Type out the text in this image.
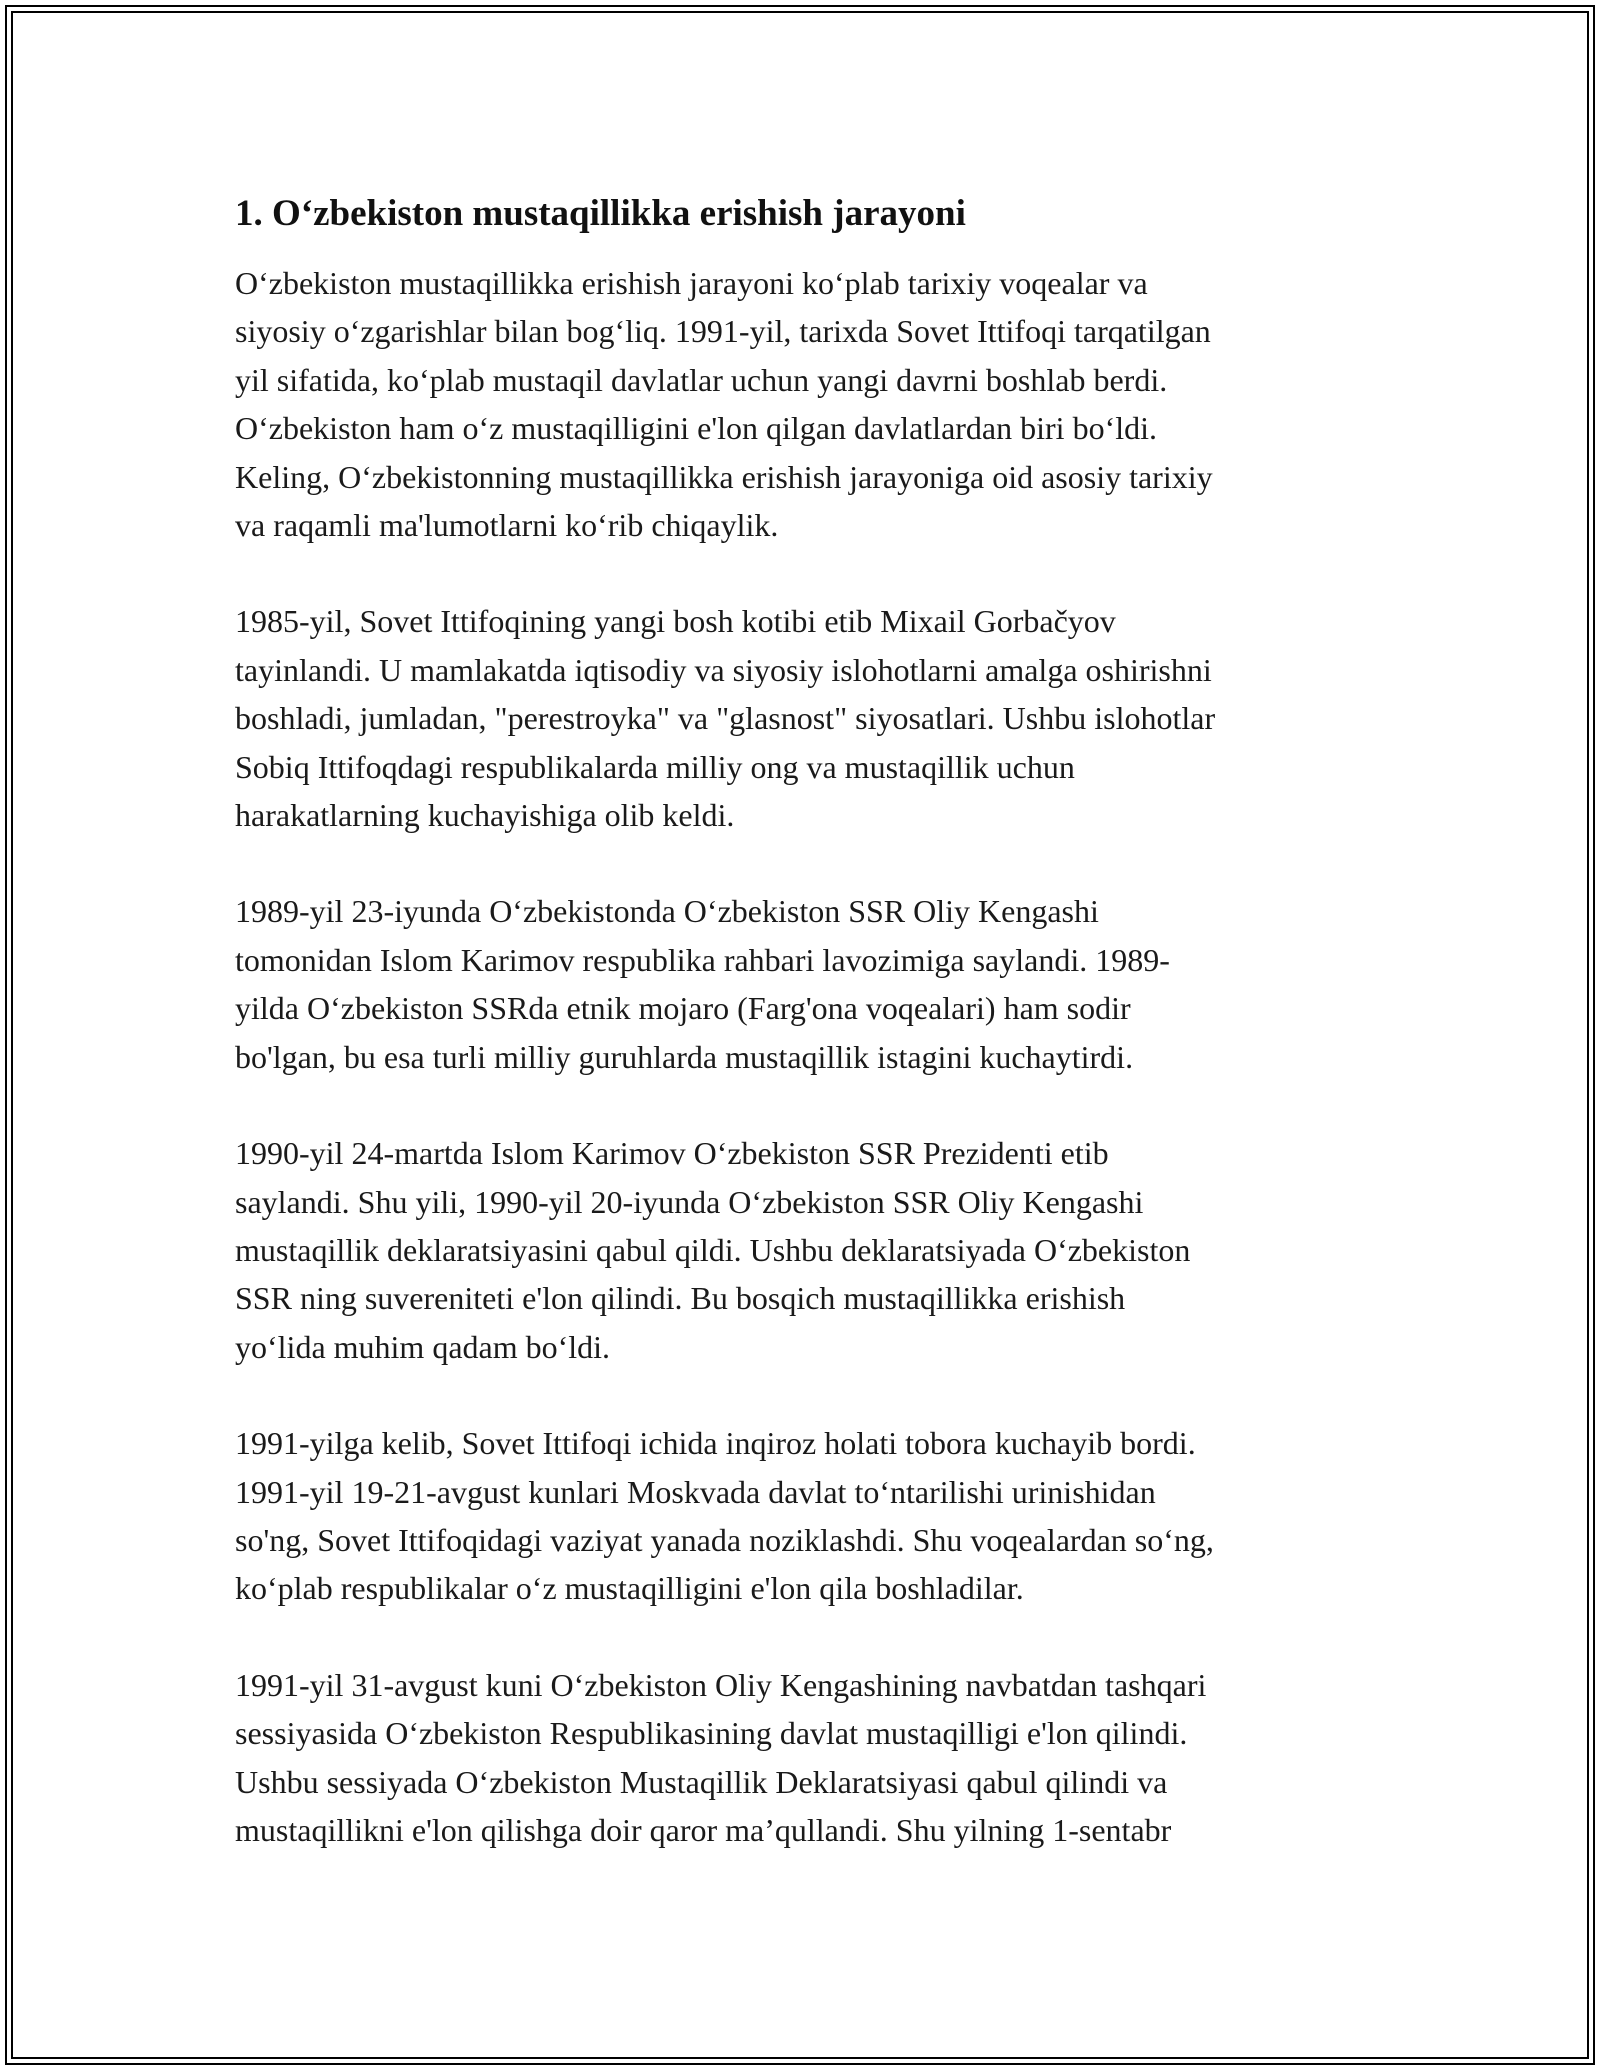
1. O‘zbekiston mustaqillikka erishish jarayoni

O‘zbekiston mustaqillikka erishish jarayoni ko‘plab tarixiy voqealar va
siyosiy o‘zgarishlar bilan bog‘liq. 1991-yil, tarixda Sovet Ittifoqi tarqatilgan
yil sifatida, ko‘plab mustaqil davlatlar uchun yangi davrni boshlab berdi.
O‘zbekiston ham o‘z mustaqilligini e'lon qilgan davlatlardan biri bo‘ldi.
Keling, O‘zbekistonning mustaqillikka erishish jarayoniga oid asosiy tarixiy
va raqamli ma'lumotlarni ko‘rib chiqaylik.

1985-yil, Sovet Ittifoqining yangi bosh kotibi etib Mixail Gorbačyov
tayinlandi. U mamlakatda iqtisodiy va siyosiy islohotlarni amalga oshirishni
boshladi, jumladan, "perestroyka" va "glasnost" siyosatlari. Ushbu islohotlar
Sobiq Ittifoqdagi respublikalarda milliy ong va mustaqillik uchun
harakatlarning kuchayishiga olib keldi.

1989-yil 23-iyunda O‘zbekistonda O‘zbekiston SSR Oliy Kengashi
tomonidan Islom Karimov respublika rahbari lavozimiga saylandi. 1989-
yilda O‘zbekiston SSRda etnik mojaro (Farg'ona voqealari) ham sodir
bo'lgan, bu esa turli milliy guruhlarda mustaqillik istagini kuchaytirdi.

1990-yil 24-martda Islom Karimov O‘zbekiston SSR Prezidenti etib
saylandi. Shu yili, 1990-yil 20-iyunda O‘zbekiston SSR Oliy Kengashi
mustaqillik deklaratsiyasini qabul qildi. Ushbu deklaratsiyada O‘zbekiston
SSR ning suvereniteti e'lon qilindi. Bu bosqich mustaqillikka erishish
yo‘lida muhim qadam bo‘ldi.

1991-yilga kelib, Sovet Ittifoqi ichida inqiroz holati tobora kuchayib bordi.
1991-yil 19-21-avgust kunlari Moskvada davlat to‘ntarilishi urinishidan
so'ng, Sovet Ittifoqidagi vaziyat yanada noziklashdi. Shu voqealardan so‘ng,
ko‘plab respublikalar o‘z mustaqilligini e'lon qila boshladilar.

1991-yil 31-avgust kuni O‘zbekiston Oliy Kengashining navbatdan tashqari
sessiyasida O‘zbekiston Respublikasining davlat mustaqilligi e'lon qilindi.
Ushbu sessiyada O‘zbekiston Mustaqillik Deklaratsiyasi qabul qilindi va
mustaqillikni e'lon qilishga doir qaror ma’qullandi. Shu yilning 1-sentabr
